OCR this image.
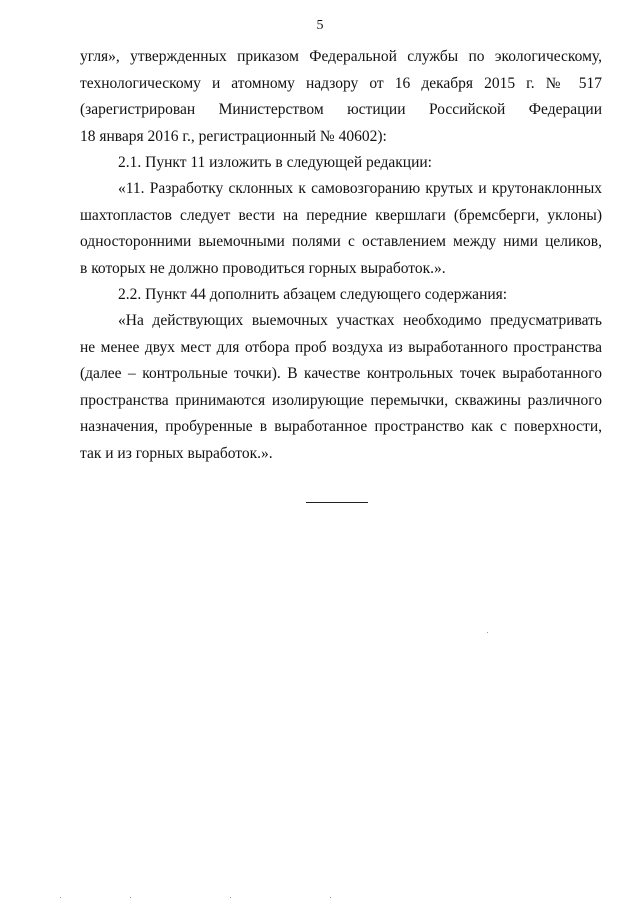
5
угля», утвержденных приказом Федеральной службы по экологическому,
технологическому и атомному надзору от 16 декабря 2015 г. № 517
(зарегистрирован Министерством юстиции Российской Федерации
18 января 2016 г., регистрационный № 40602):
2.1. Пункт 11 изложить в следующей редакции:
«11. Разработку склонных к самовозгоранию крутых и крутонаклонных
шахтопластов следует вести на передние квершлаги (бремсберги, уклоны)
односторонними выемочными полями с оставлением между ними целиков,
в которых не должно проводиться горных выработок.».
2.2. Пункт 44 дополнить абзацем следующего содержания:
«На действующих выемочных участках необходимо предусматривать
не менее двух мест для отбора проб воздуха из выработанного пространства
(далее – контрольные точки). В качестве контрольных точек выработанного
пространства принимаются изолирующие перемычки, скважины различного
назначения, пробуренные в выработанное пространство как с поверхности,
так и из горных выработок.».
